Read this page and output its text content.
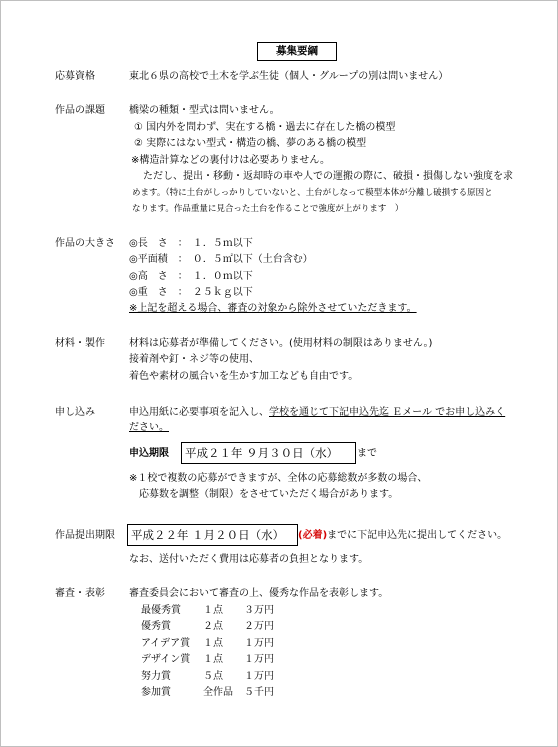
募集要綱
応募資格	東北６県の高校で土木を学ぶ生徒（個人・グループの別は問いません）
作品の課題 橋梁の種類・型式は問いません。
① 国内外を問わず、実在する橋・過去に存在した橋の模型
② 実際にはない型式・構造の橋、夢のある橋の模型
※構造計算などの裏付けは必要ありません。
ただし、提出・移動・返却時の車や人での運搬の際に、破損・損傷しない強度を求
めます。（特に土台がしっかりしていないと、土台がしなって模型本体が分離し破損する原因と
なります。作品重量に見合った土台を作ることで強度が上がります　）
作品の大きさ ◎長　さ　：　１．５ｍ以下
◎平面積　：　０．５㎡以下（土台含む）
◎高　さ　：　１．０ｍ以下
◎重　さ　：　２５ｋｇ以下
※上記を超える場合、審査の対象から除外させていただきます。
材料・製作 材料は応募者が準備してください。(使用材料の制限はありません。)
接着剤や釘・ネジ等の使用、
着色や素材の風合いを生かす加工なども自由です。
申し込み	申込用紙に必要事項を記入し、学校を通じて下記申込先迄 Ｅメール でお申し込みく
ださい。
申込期限	平成２１年 ９月３０日（水）	まで
※１校で複数の応募ができますが、全体の応募総数が多数の場合、
応募数を調整（制限）をさせていただく場合があります。
作品提出期限	平成２２年 １月２０日（水）	(必着)までに下記申込先に提出してください。
なお、送付いただく費用は応募者の負担となります。
審査・表彰 審査委員会において審査の上、優秀な作品を表彰します。
最優秀賞 １点 ３万円
優秀賞	２点 ２万円
アイデア賞 １点 １万円
デザイン賞 １点 １万円
努力賞	５点 １万円
参加賞	全作品 ５千円
